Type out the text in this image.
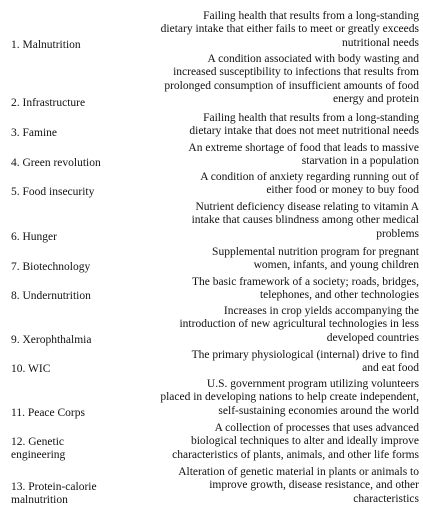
1. Malnutrition
2. Infrastructure
3. Famine
4. Green revolution
5. Food insecurity
6. Hunger
7. Biotechnology
8. Undernutrition
9. Xerophthalmia
10. WIC
11. Peace Corps
12. Genetic engineering
13. Protein-calorie malnutrition
Failing health that results from a long-standing
dietary intake that either fails to meet or greatly exceeds
nutritional needs
A condition associated with body wasting and
increased susceptibility to infections that results from
prolonged consumption of insufficient amounts of food
energy and protein
Failing health that results from a long-standing
dietary intake that does not meet nutritional needs
An extreme shortage of food that leads to massive
starvation in a population
A condition of anxiety regarding running out of
either food or money to buy food
Nutrient deficiency disease relating to vitamin A
intake that causes blindness among other medical
problems
Supplemental nutrition program for pregnant
women, infants, and young children
The basic framework of a society; roads, bridges,
telephones, and other technologies
Increases in crop yields accompanying the
introduction of new agricultural technologies in less
developed countries
The primary physiological (internal) drive to find
and eat food
U.S. government program utilizing volunteers
placed in developing nations to help create independent,
self-sustaining economies around the world
A collection of processes that uses advanced
biological techniques to alter and ideally improve
characteristics of plants, animals, and other life forms
Alteration of genetic material in plants or animals to
improve growth, disease resistance, and other
characteristics
